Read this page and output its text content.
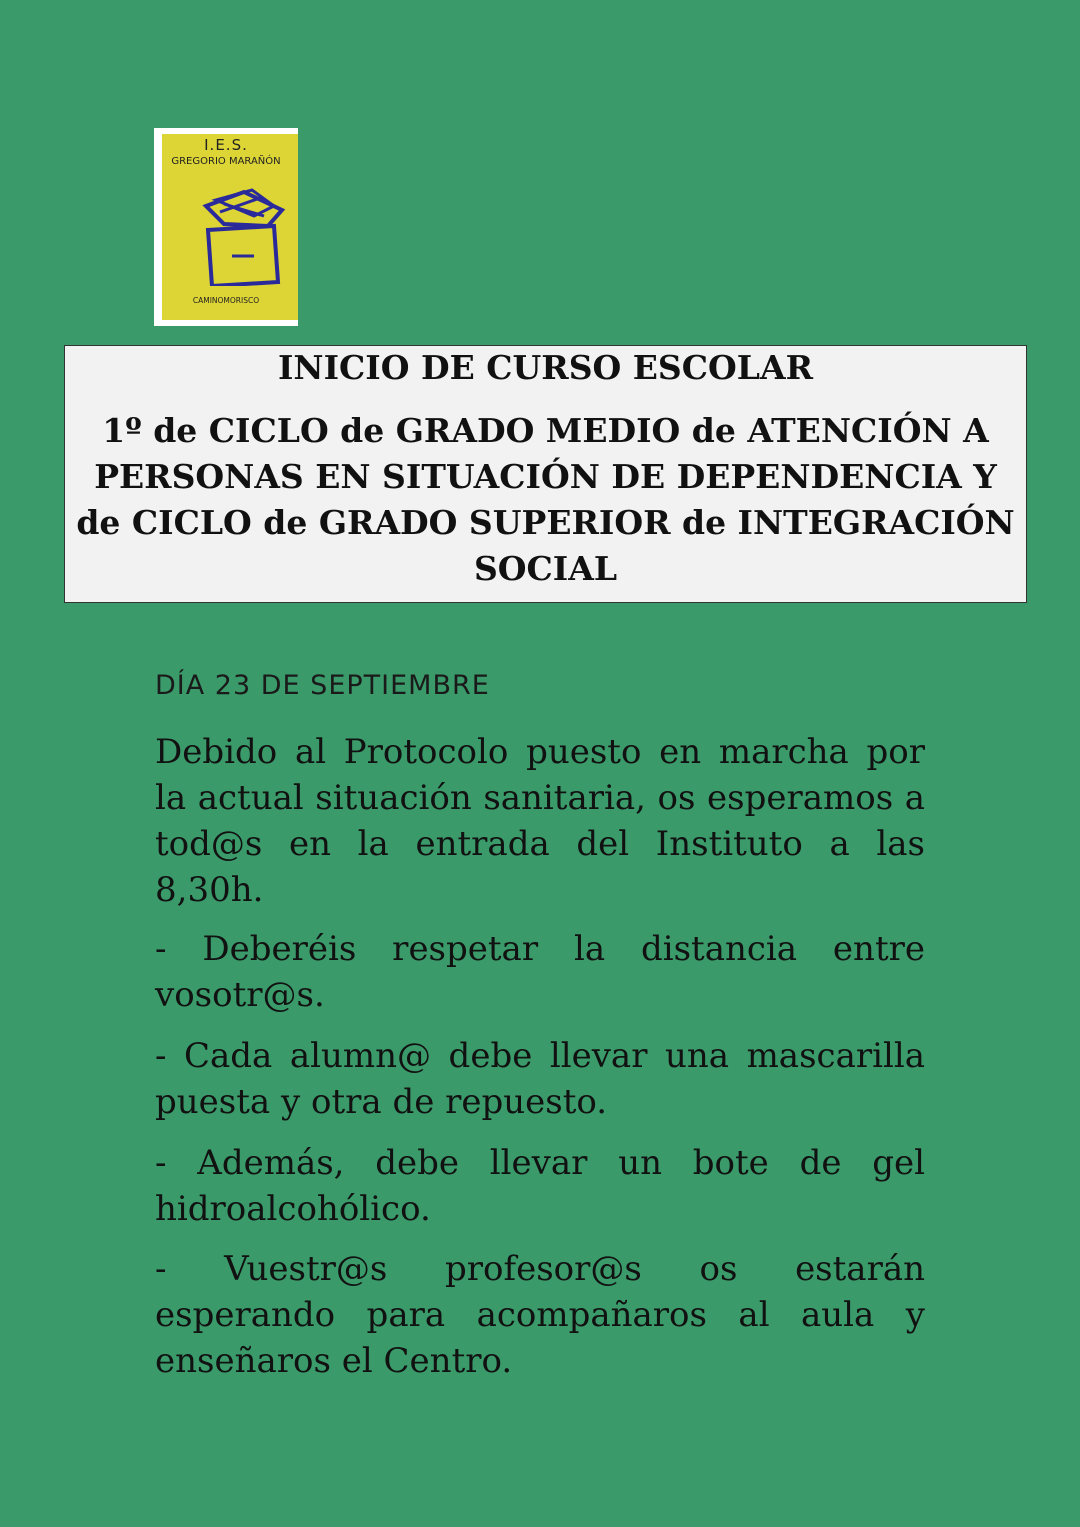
I.E.S.
GREGORIO MARAÑÓN
CAMINOMORISCO
INICIO DE CURSO ESCOLAR
1º de CICLO de GRADO MEDIO de ATENCIÓN A PERSONAS EN SITUACIÓN DE DEPENDENCIA Y de CICLO de GRADO SUPERIOR de INTEGRACIÓN SOCIAL
DÍA 23 DE SEPTIEMBRE
Debido al Protocolo puesto en marcha por la actual situación sanitaria, os esperamos a tod@s en la entrada del Instituto a las 8,30h.
- Deberéis respetar la distancia entre vosotr@s.
- Cada alumn@ debe llevar una mascarilla puesta y otra de repuesto.
- Además, debe llevar un bote de gel hidroalcohólico.
- Vuestr@s profesor@s os estarán esperando para acompañaros al aula y enseñaros el Centro.
